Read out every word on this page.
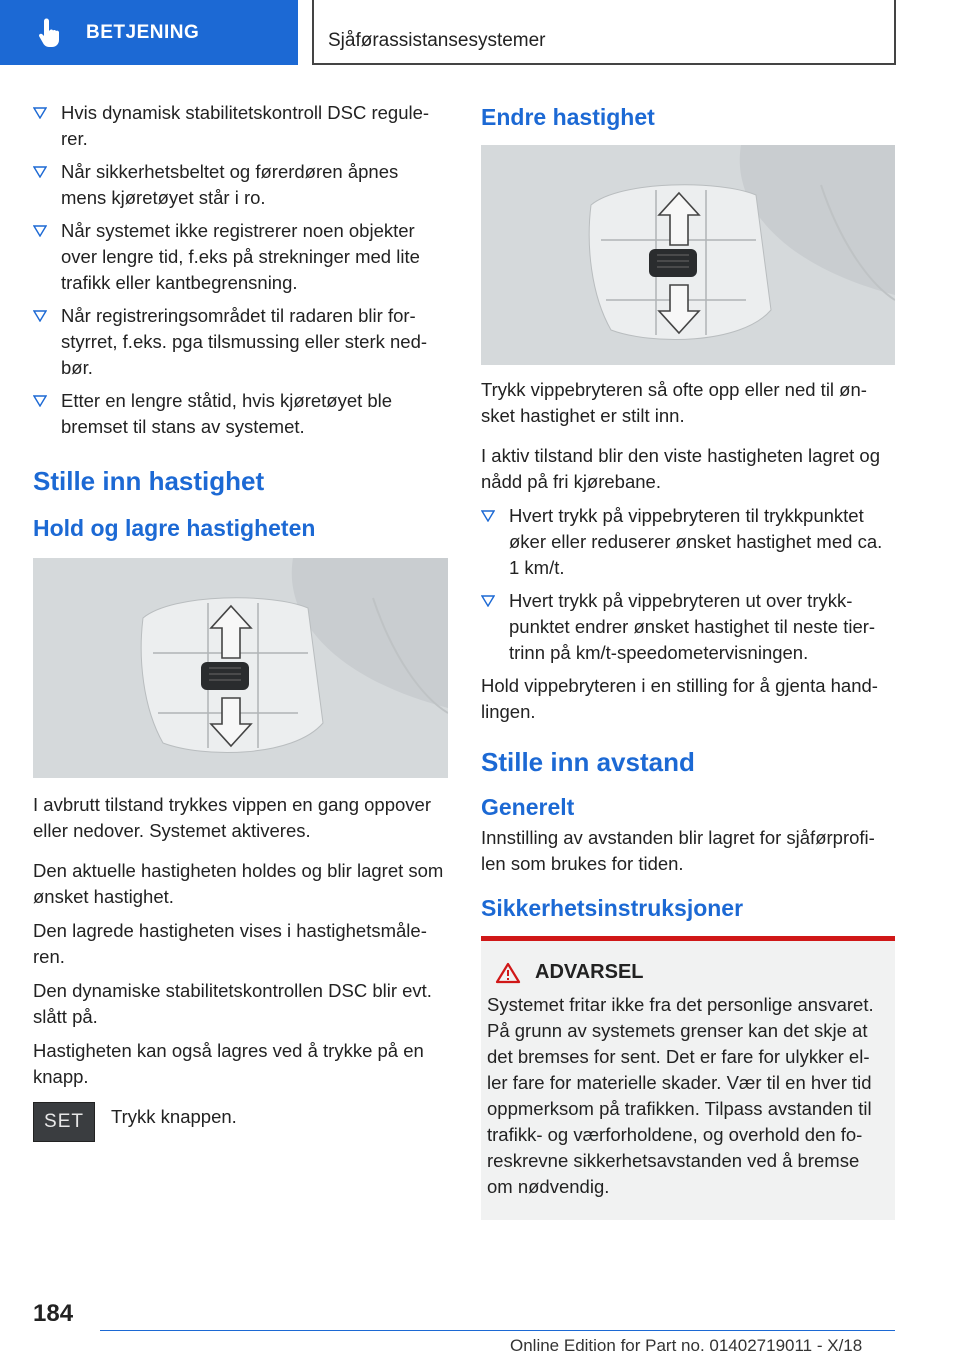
BETJENING	Sjåførassistansesystemer
Hvis dynamisk stabilitetskontroll DSC regule-
rer.
Når sikkerhetsbeltet og førerdøren åpnes mens kjøretøyet står i ro.
Når systemet ikke registrerer noen objekter over lengre tid, f.eks på strekninger med lite trafikk eller kantbegrensning.
Når registreringsområdet til radaren blir for-
styrret, f.eks. pga tilsmussing eller sterk ned-
bør.
Etter en lengre ståtid, hvis kjøretøyet ble bremset til stans av systemet.
Stille inn hastighet
Hold og lagre hastigheten

I avbrutt tilstand trykkes vippen en gang oppover eller nedover. Systemet aktiveres.

Den aktuelle hastigheten holdes og blir lagret som ønsket hastighet.

Den lagrede hastigheten vises i hastighetsmåle-
ren.

Den dynamiske stabilitetskontrollen DSC blir evt. slått på.

Hastigheten kan også lagres ved å trykke på en knapp.

SET Trykk knappen.
Endre hastighet

Trykk vippebryteren så ofte opp eller ned til øn-
sket hastighet er stilt inn.

I aktiv tilstand blir den viste hastigheten lagret og nådd på fri kjørebane.

Hvert trykk på vippebryteren til trykkpunktet øker eller reduserer ønsket hastighet med ca. 1 km/t.
Hvert trykk på vippebryteren ut over trykk-
punktet endrer ønsket hastighet til neste tier-
trinn på km/t-speedometervisningen.

Hold vippebryteren i en stilling for å gjenta hand-
lingen.

Stille inn avstand
Generelt

Innstilling av avstanden blir lagret for sjåførprofi-
len som brukes for tiden.

Sikkerhetsinstruksjoner
ADVARSEL

Systemet fritar ikke fra det personlige ansvaret. På grunn av systemets grenser kan det skje at det bremses for sent. Det er fare for ulykker el-
ler fare for materielle skader. Vær til en hver tid oppmerksom på trafikken. Tilpass avstanden til trafikk- og værforholdene, og overhold den fo-
reskrevne sikkerhetsavstanden ved å bremse om nødvendig.

184
Online Edition for Part no. 01402719011 - X/18
